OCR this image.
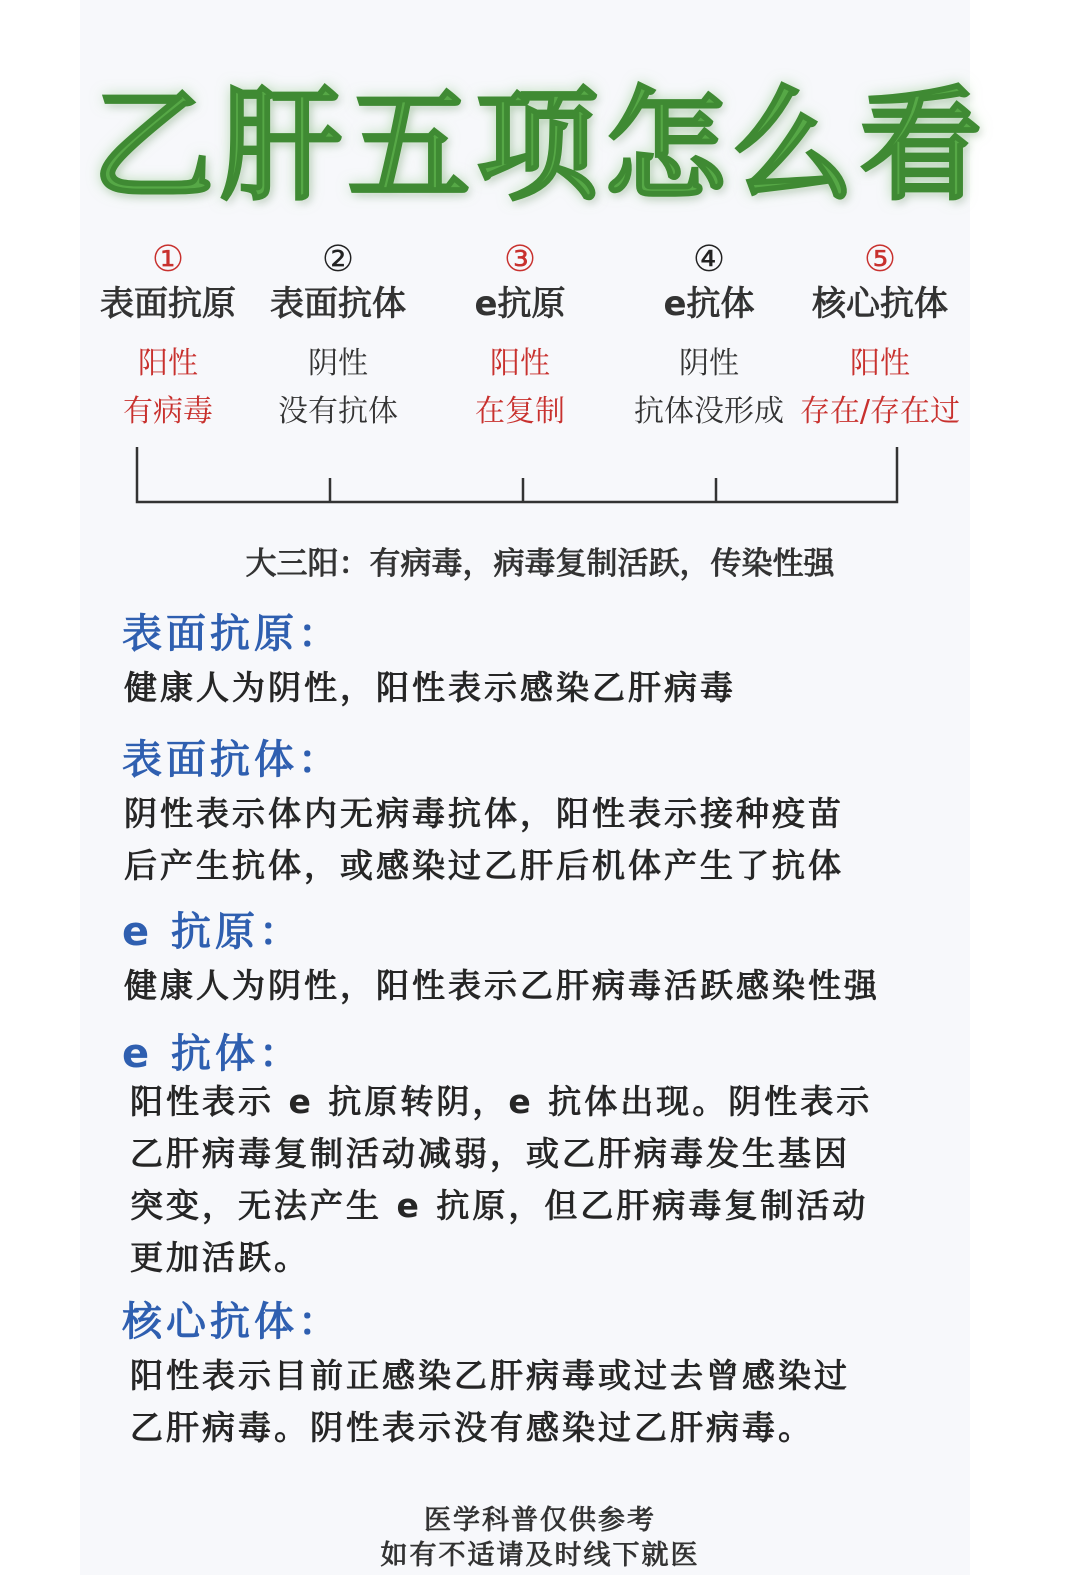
乙肝五项怎么看
①
表面抗原
阳性
有病毒
②
表面抗体
阴性
没有抗体
③
e抗原
阳性
在复制
④
e抗体
阴性
抗体没形成
⑤
核心抗体
阳性
存在/存在过
大三阳：有病毒，病毒复制活跃，传染性强
表面抗原：
健康人为阴性，阳性表示感染乙肝病毒
表面抗体：
阴性表示体内无病毒抗体，阳性表示接种疫苗
后产生抗体，或感染过乙肝后机体产生了抗体
e 抗原：
健康人为阴性，阳性表示乙肝病毒活跃感染性强
e 抗体：
阳性表示 e 抗原转阴，e 抗体出现。阴性表示
乙肝病毒复制活动减弱，或乙肝病毒发生基因
突变，无法产生 e 抗原，但乙肝病毒复制活动
更加活跃。
核心抗体：
阳性表示目前正感染乙肝病毒或过去曾感染过
乙肝病毒。阴性表示没有感染过乙肝病毒。
医学科普仅供参考
如有不适请及时线下就医
